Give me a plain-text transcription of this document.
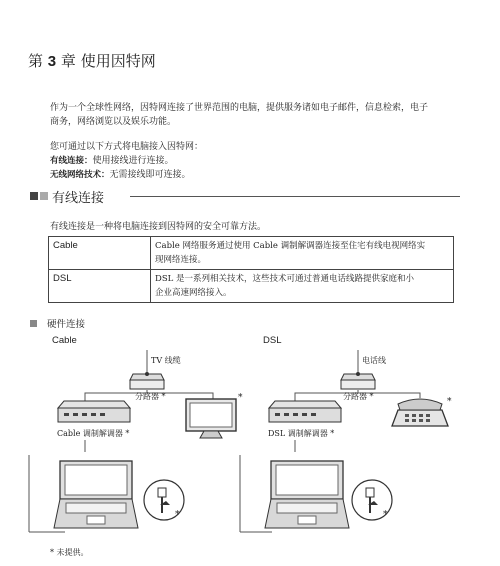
第 3 章 使用因特网
作为一个全球性网络，因特网连接了世界范围的电脑，提供服务诸如电子邮件，信息检索，电子
商务，网络浏览以及娱乐功能。
您可通过以下方式将电脑接入因特网：
有线连接：使用接线进行连接。
无线网络技术：无需接线即可连接。
有线连接
有线连接是一种将电脑连接到因特网的安全可靠方法。
Cable	Cable 网络服务通过使用 Cable 调制解调器连接至住宅有线电视网络实
现网络连接。

DSL	DSL 是一系列相关技术，这些技术可通过普通电话线路提供家庭和小
企业高速网络接入。
硬件连接
Cable	DSL
TV 线缆
分路器 *
Cable 调制解调器 *
*
*
电话线
分路器 *
DSL 调制解调器 *
*
*
* 未提供。
